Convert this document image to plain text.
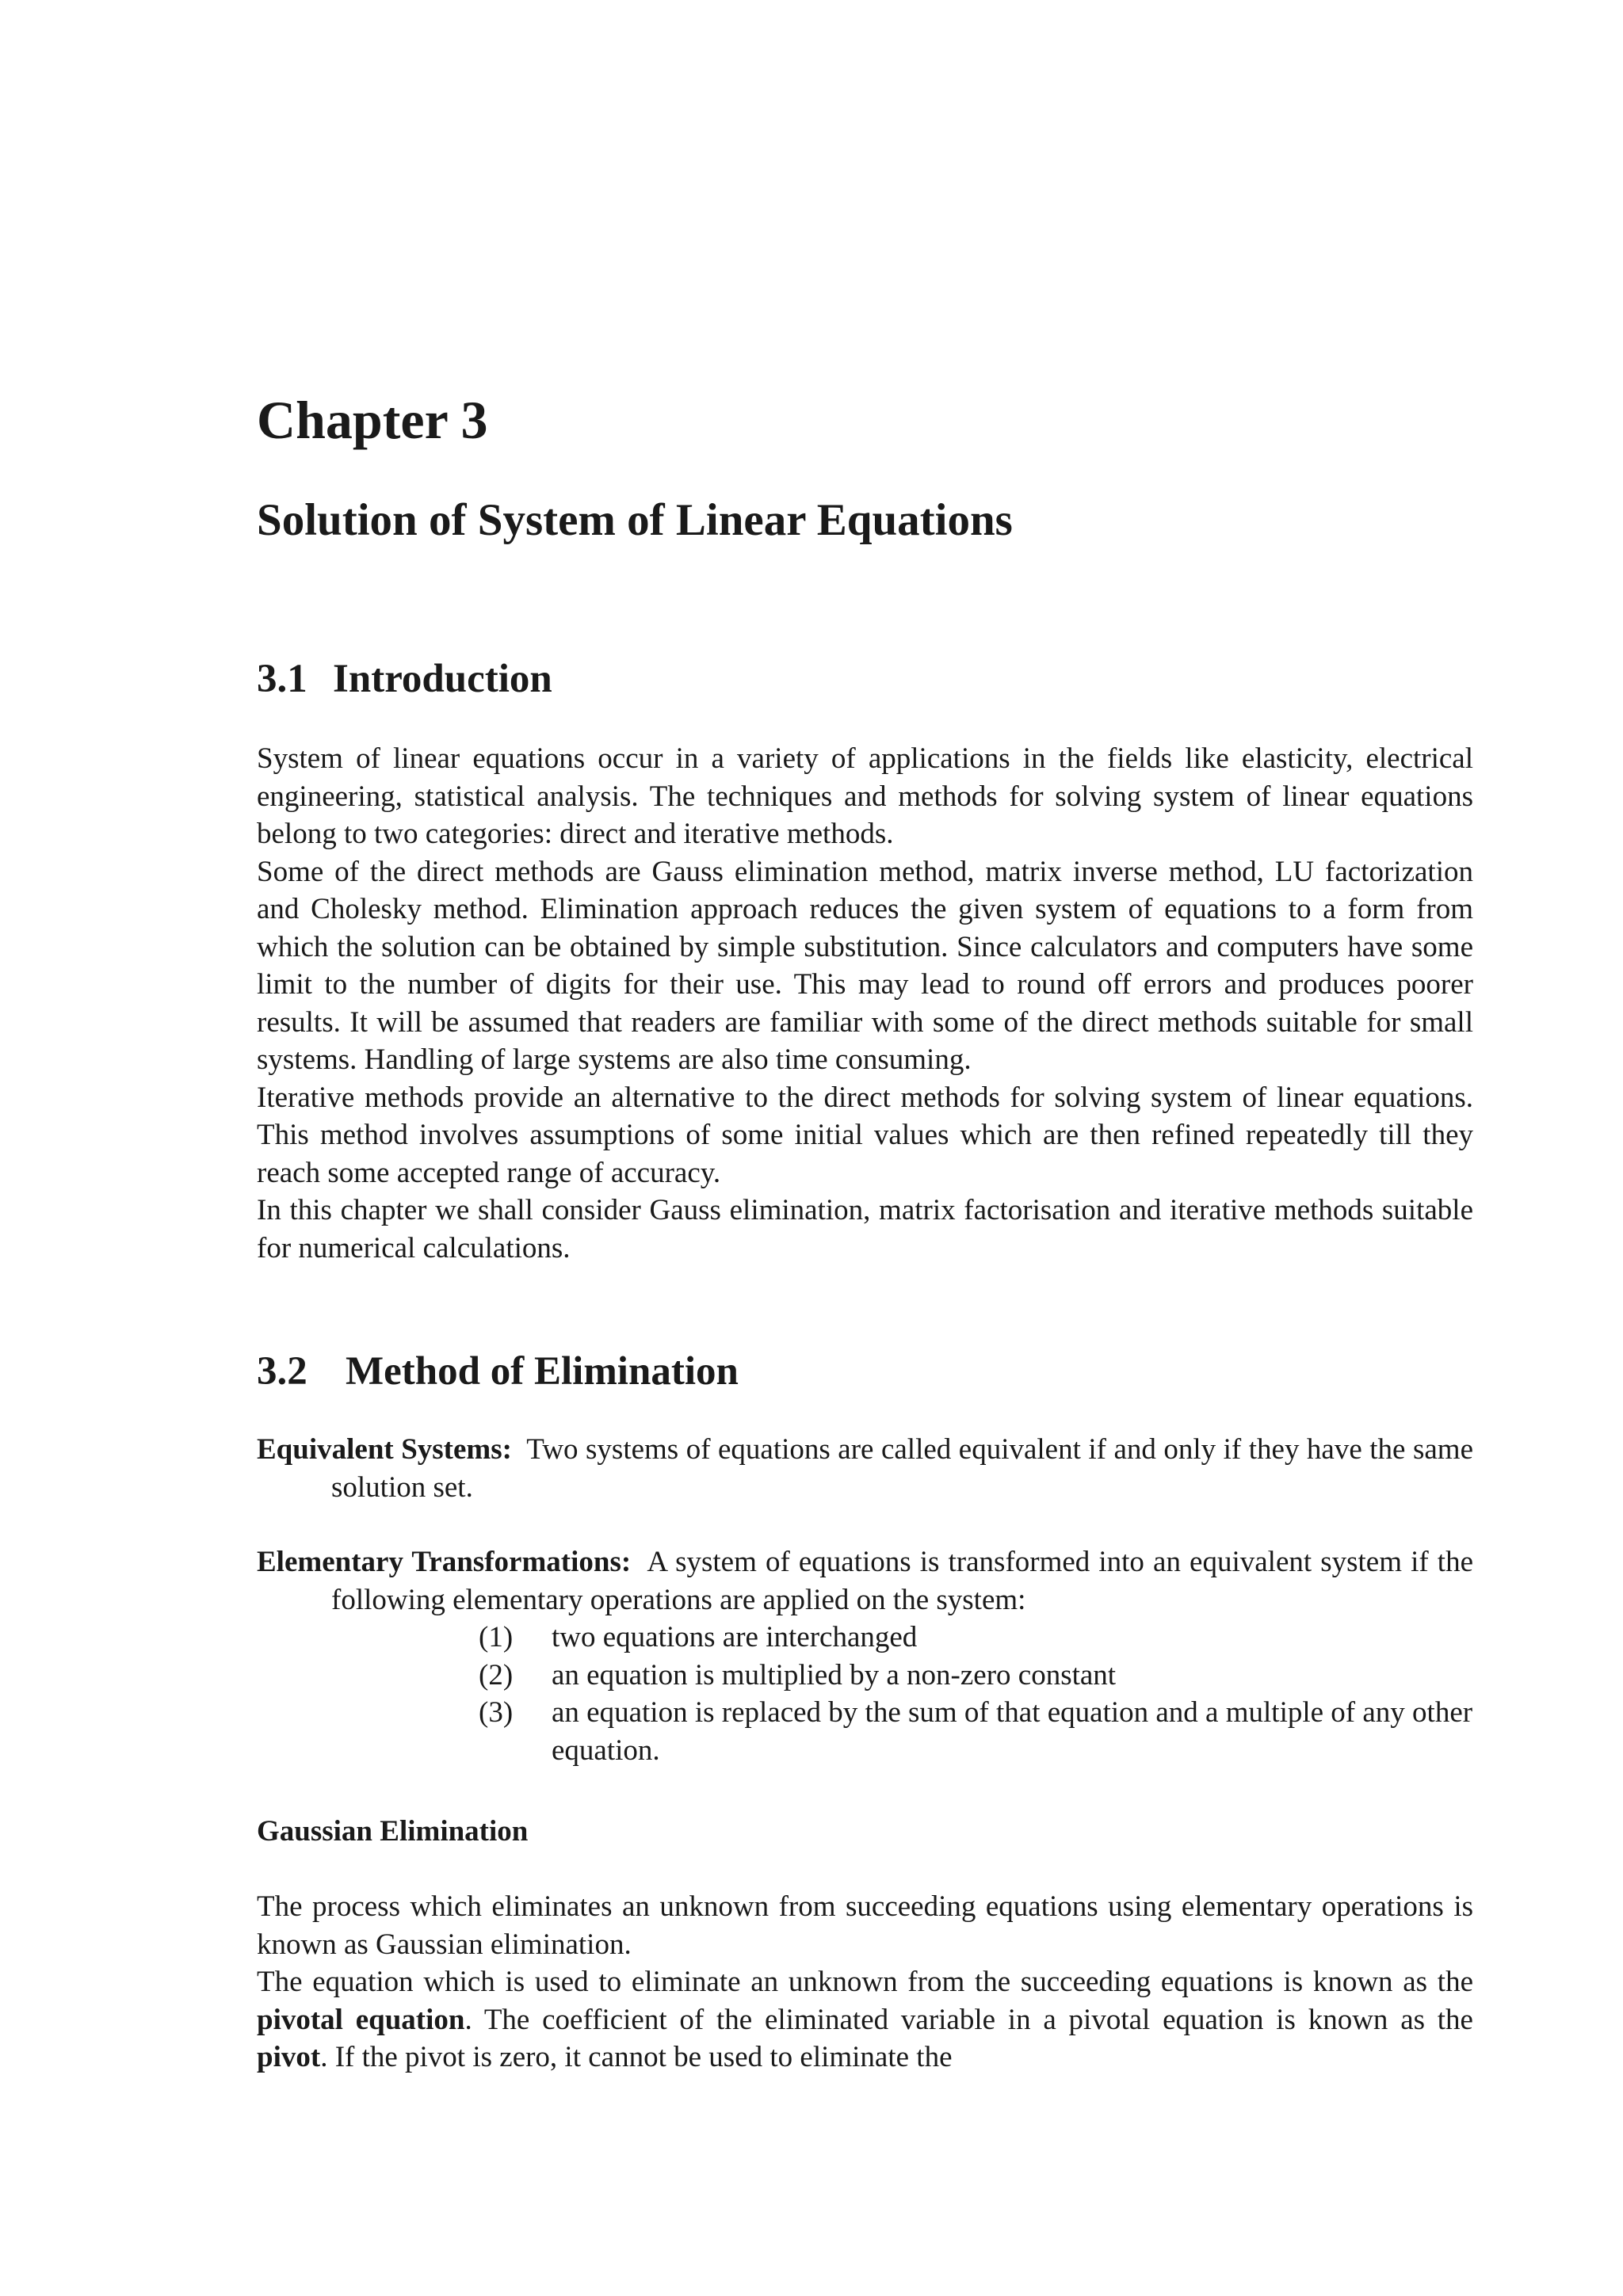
Chapter 3
Solution of System of Linear Equations
3.1 Introduction

System of linear equations occur in a variety of applications in the fields like elasticity, electrical engineering, statistical analysis. The techniques and methods for solving system of linear equations belong to two categories: direct and iterative methods.

Some of the direct methods are Gauss elimination method, matrix inverse method, LU factorization and Cholesky method. Elimination approach reduces the given system of equations to a form from which the solution can be obtained by simple substitution. Since calculators and computers have some limit to the number of digits for their use. This may lead to round off errors and produces poorer results. It will be assumed that readers are familiar with some of the direct methods suitable for small systems. Handling of large systems are also time consuming.

Iterative methods provide an alternative to the direct methods for solving system of linear equations. This method involves assumptions of some initial values which are then refined repeatedly till they reach some accepted range of accuracy.

In this chapter we shall consider Gauss elimination, matrix factorisation and iterative methods suitable for numerical calculations.

3.2 Method of Elimination

Equivalent Systems: Two systems of equations are called equivalent if and only if they have the same solution set.

Elementary Transformations: A system of equations is transformed into an equivalent system if the following elementary operations are applied on the system:

(1) two equations are interchanged
(2) an equation is multiplied by a non-zero constant
(3) an equation is replaced by the sum of that equation and a multiple of any other equation.
Gaussian Elimination

The process which eliminates an unknown from succeeding equations using elementary operations is known as Gaussian elimination.

The equation which is used to eliminate an unknown from the succeeding equations is known as the pivotal equation. The coefficient of the eliminated variable in a pivotal equation is known as the pivot. If the pivot is zero, it cannot be used to eliminate the
